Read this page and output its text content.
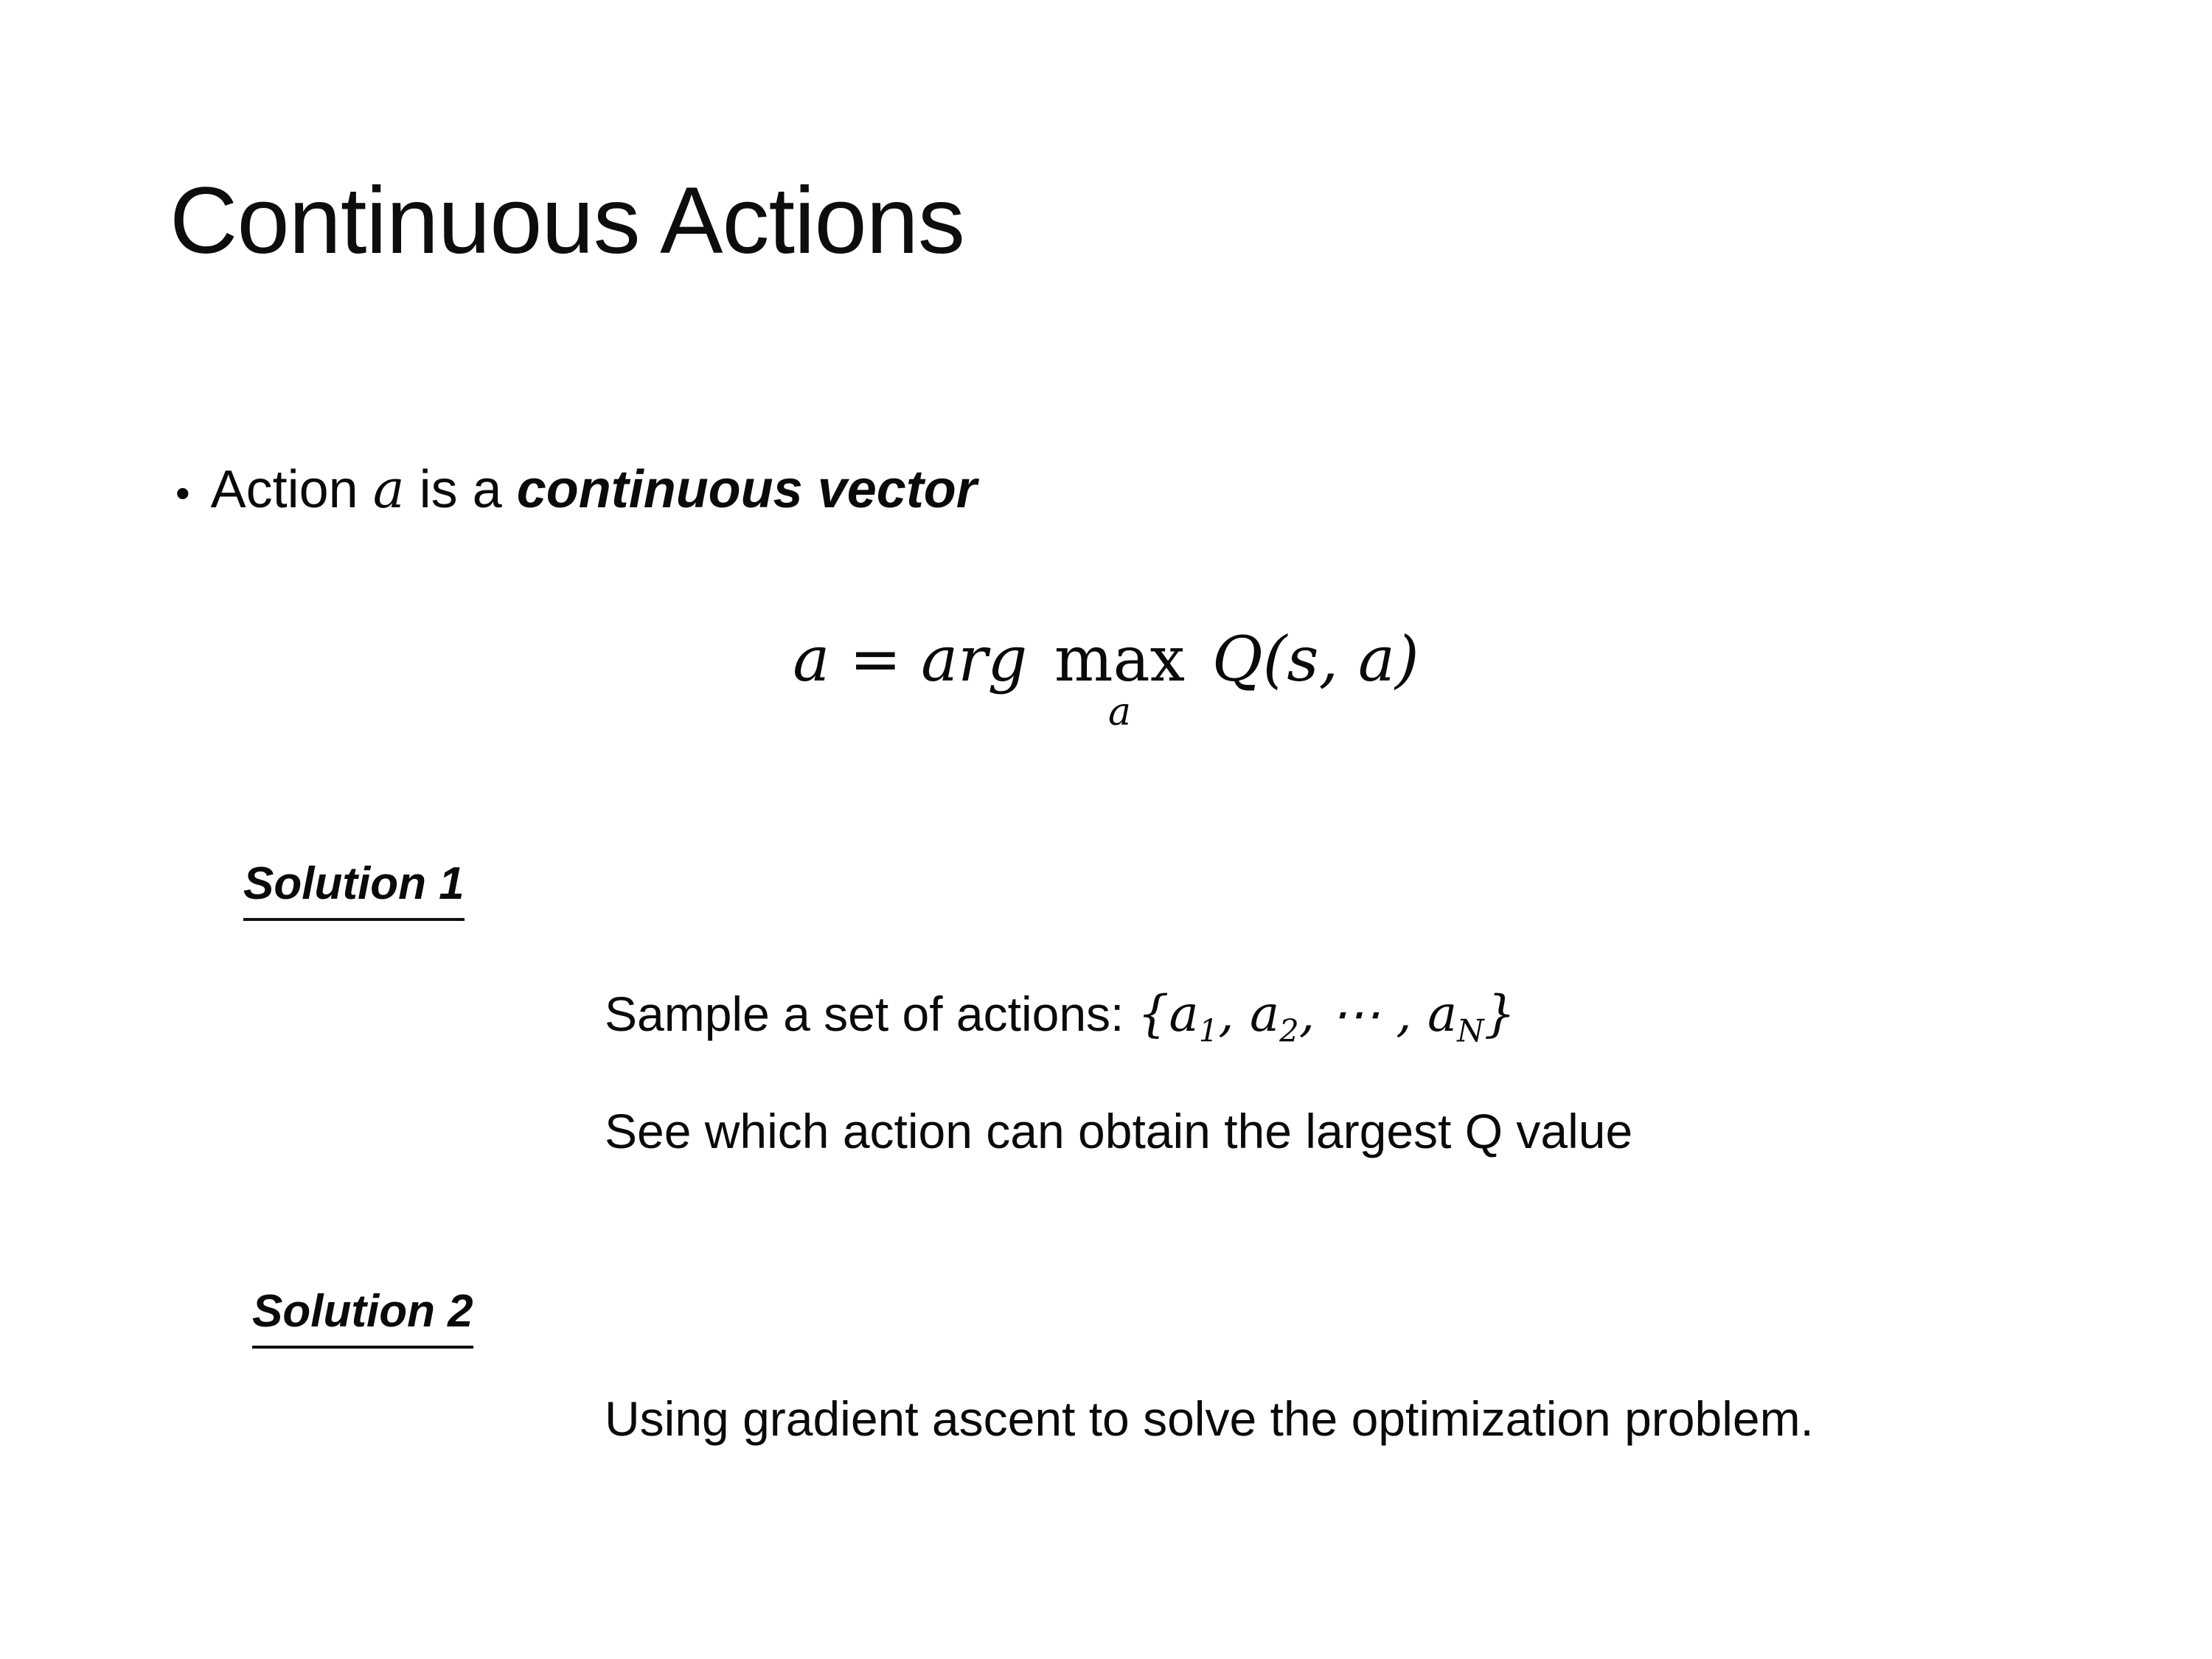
Continuous Actions
• Action a is a continuous vector
a = arg max
a
Q(s, a)
Solution 1
Sample a set of actions: {$a_1$, $a_2$, ⋯ , $a_N$}
See which action can obtain the largest Q value
Solution 2
Using gradient ascent to solve the optimization problem.
